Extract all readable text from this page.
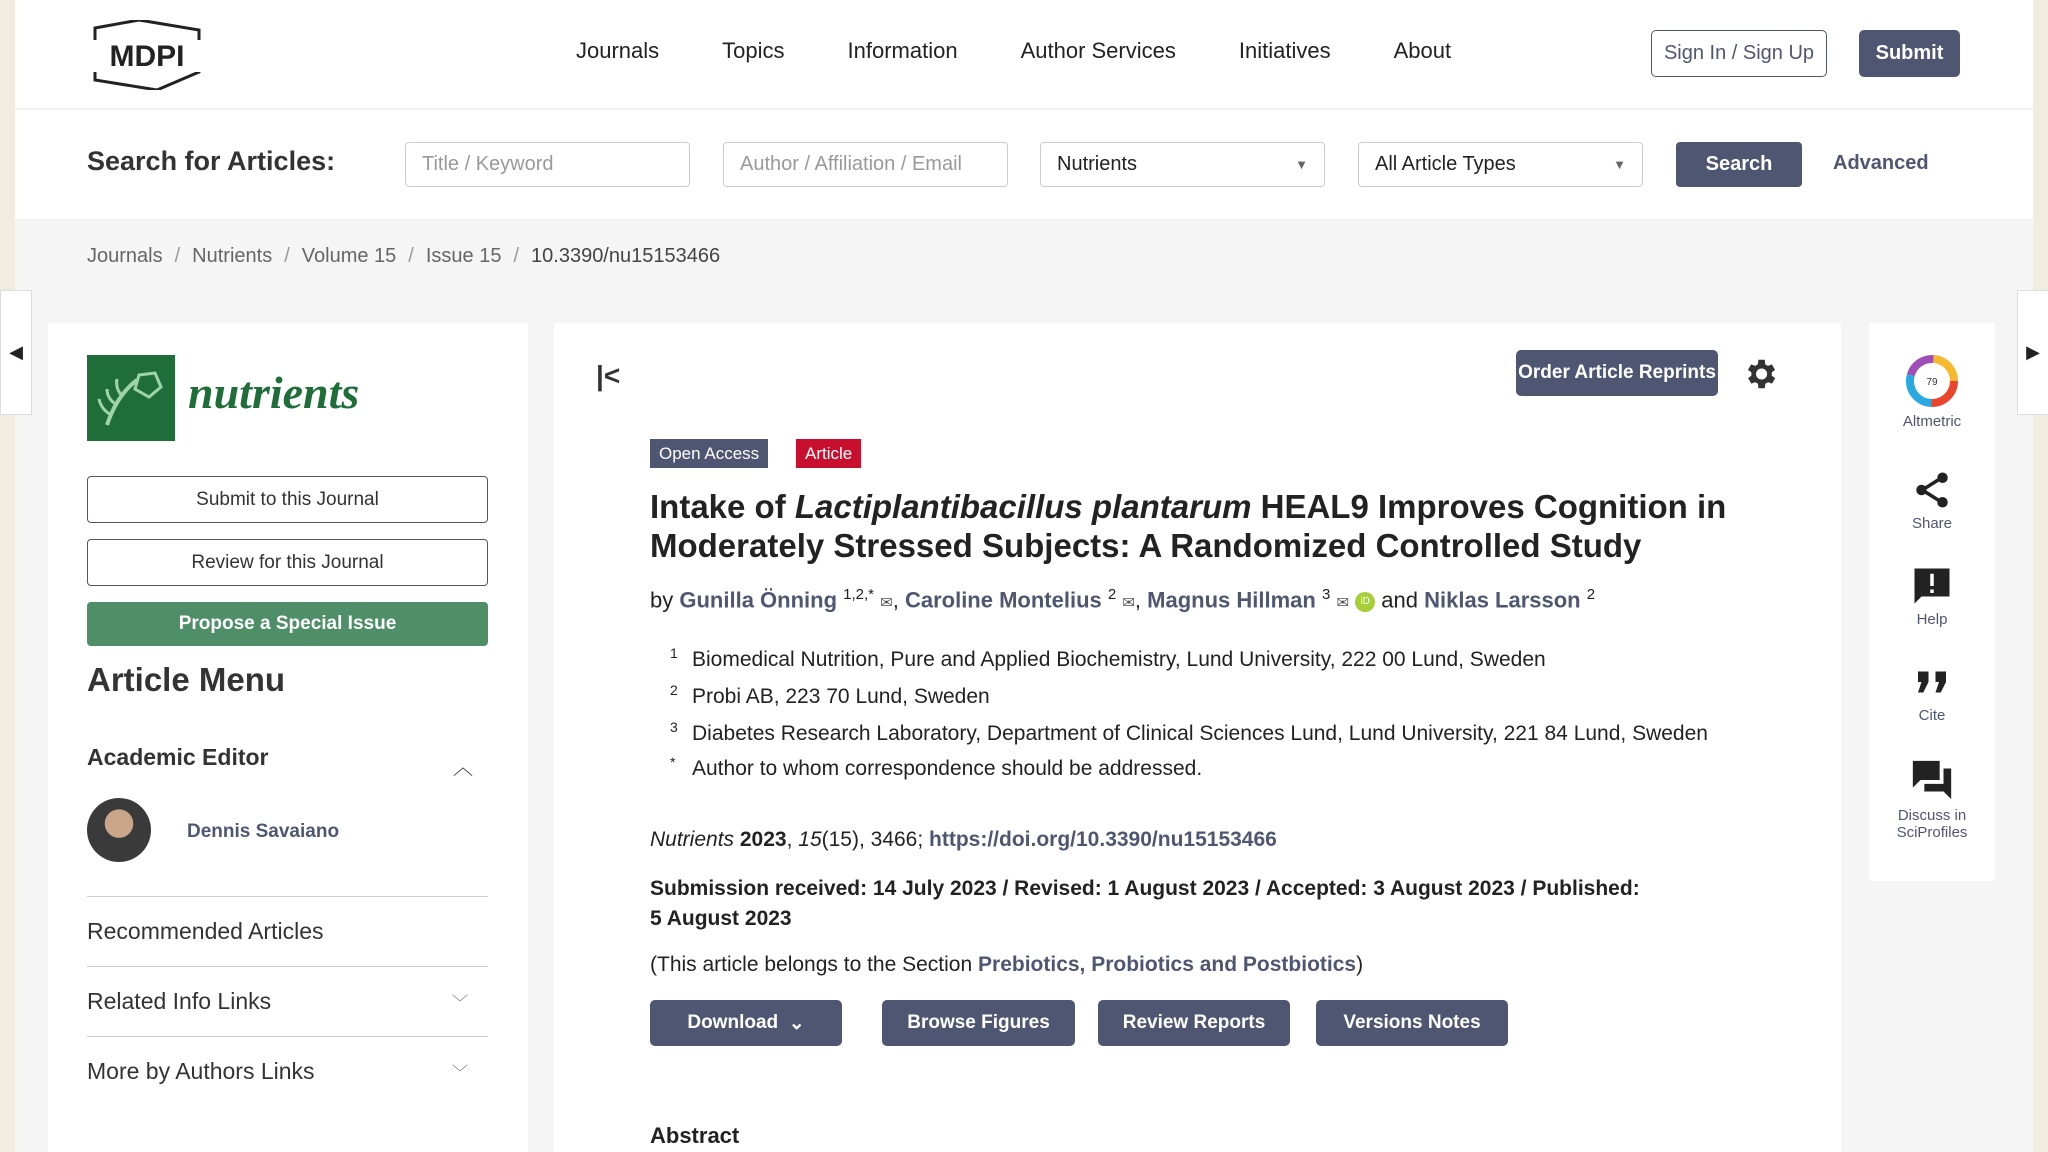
MDPI	Journals	Topics	Information	Author Services	Initiatives	About	Sign In / Sign Up	Submit
Search for Articles:	Title / Keyword	Author / Affiliation / Email	Nutrients	▼	All Article Types	▼	Search	Advanced
Journals / Nutrients / Volume 15 / Issue 15 / 10.3390/nu15153466
nutrients
Submit to this Journal
Review for this Journal
Propose a Special Issue
Article Menu
Academic Editor	︿
Dennis Savaiano
Recommended Articles
Related Info Links	﹀
More by Authors Links	﹀
|<	Order Article Reprints
Open Access	Article
Intake of Lactiplantibacillus plantarum HEAL9 Improves Cognition in Moderately Stressed Subjects: A Randomized Controlled Study
by Gunilla Önning $^{1,2,*}$ ✉, Caroline Montelius $^2$ ✉, Magnus Hillman $^3$ ✉ iD and Niklas Larsson $^2$
$^1$ Biomedical Nutrition, Pure and Applied Biochemistry, Lund University, 222 00 Lund, Sweden
$^2$ Probi AB, 223 70 Lund, Sweden
$^3$ Diabetes Research Laboratory, Department of Clinical Sciences Lund, Lund University, 221 84 Lund, Sweden
* Author to whom correspondence should be addressed.
Nutrients 2023, 15(15), 3466; https://doi.org/10.3390/nu15153466
Submission received: 14 July 2023 / Revised: 1 August 2023 / Accepted: 3 August 2023 / Published: 5 August 2023
(This article belongs to the Section Prebiotics, Probiotics and Postbiotics)
Download
⌄	Browse Figures	Review Reports	Versions Notes
Abstract
79
Altmetric
Share
Help
Cite
Discuss in
SciProfiles
◀	▶
